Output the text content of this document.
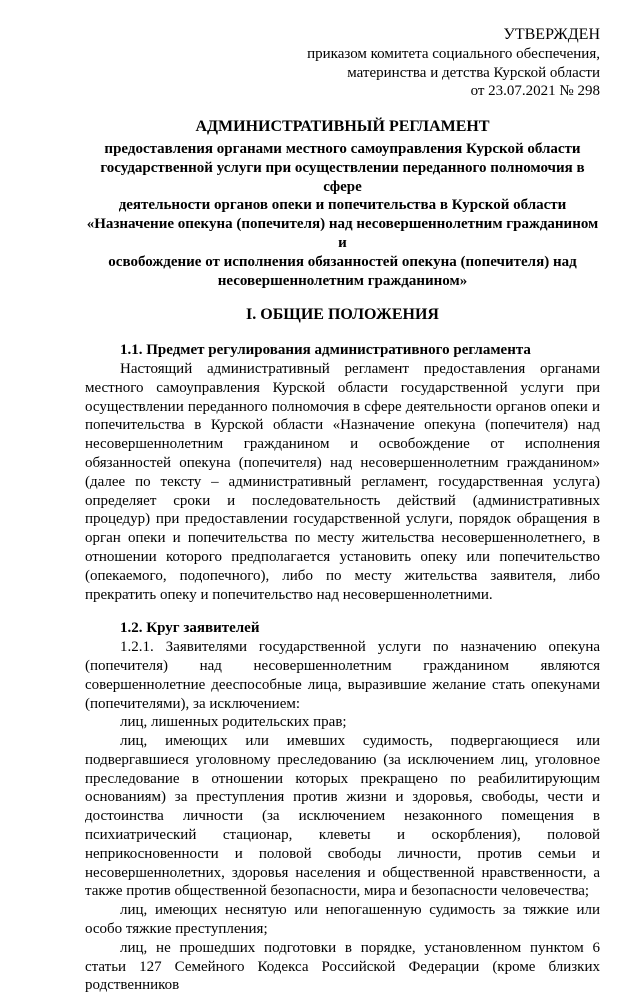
УТВЕРЖДЕН
приказом комитета социального обеспечения,
материнства и детства Курской области
от 23.07.2021 № 298
АДМИНИСТРАТИВНЫЙ РЕГЛАМЕНТ
предоставления органами местного самоуправления Курской области
государственной услуги при осуществлении переданного полномочия в сфере
деятельности органов опеки и попечительства в Курской области
«Назначение опекуна (попечителя) над несовершеннолетним гражданином и
освобождение от исполнения обязанностей опекуна (попечителя) над
несовершеннолетним гражданином»
I. ОБЩИЕ ПОЛОЖЕНИЯ
1.1. Предмет регулирования административного регламента

Настоящий административный регламент предоставления органами местного самоуправления Курской области государственной услуги при осуществлении переданного полномочия в сфере деятельности органов опеки и попечительства в Курской области «Назначение опекуна (попечителя) над несовершеннолетним гражданином и освобождение от исполнения обязанностей опекуна (попечителя) над несовершеннолетним гражданином» (далее по тексту – административный регламент, государственная услуга) определяет сроки и последовательность действий (административных процедур) при предоставлении государственной услуги, порядок обращения в орган опеки и попечительства по месту жительства несовершеннолетнего, в отношении которого предполагается установить опеку или попечительство (опекаемого, подопечного), либо по месту жительства заявителя, либо прекратить опеку и попечительство над несовершеннолетними.

1.2. Круг заявителей

1.2.1. Заявителями государственной услуги по назначению опекуна (попечителя) над несовершеннолетним гражданином являются совершеннолетние дееспособные лица, выразившие желание стать опекунами (попечителями), за исключением:

лиц, лишенных родительских прав;

лиц, имеющих или имевших судимость, подвергающиеся или подвергавшиеся уголовному преследованию (за исключением лиц, уголовное преследование в отношении которых прекращено по реабилитирующим основаниям) за преступления против жизни и здоровья, свободы, чести и достоинства личности (за исключением незаконного помещения в психиатрический стационар, клеветы и оскорбления), половой неприкосновенности и половой свободы личности, против семьи и несовершеннолетних, здоровья населения и общественной нравственности, а также против общественной безопасности, мира и безопасности человечества;

лиц, имеющих неснятую или непогашенную судимость за тяжкие или особо тяжкие преступления;

лиц, не прошедших подготовки в порядке, установленном пунктом 6 статьи 127 Семейного Кодекса Российской Федерации (кроме близких родственников
